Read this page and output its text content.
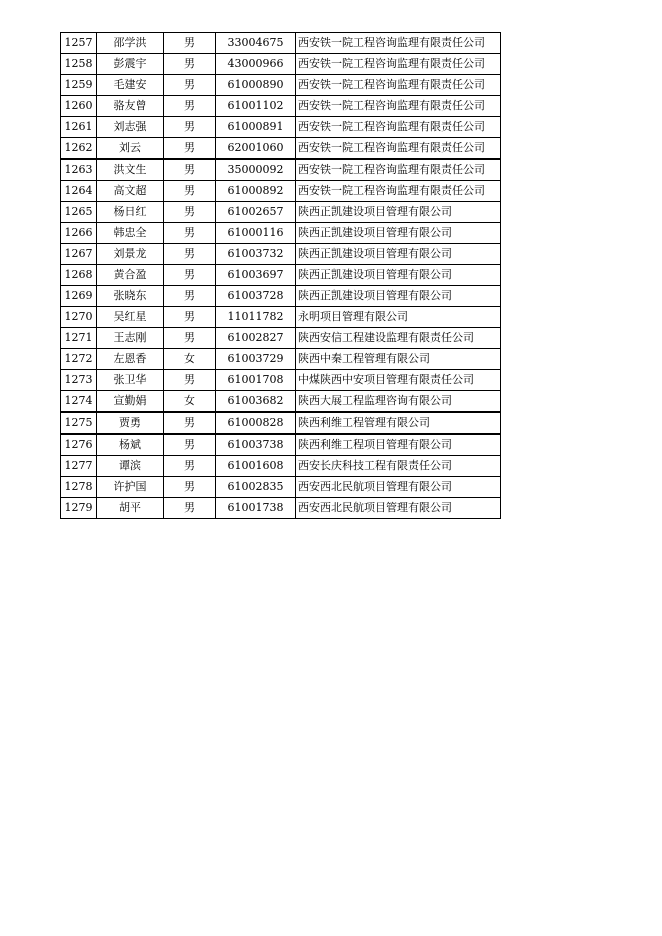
1257	邵学洪	男	33004675	西安铁一院工程咨询监理有限责任公司
1258	彭震宇	男	43000966	西安铁一院工程咨询监理有限责任公司
1259	毛建安	男	61000890	西安铁一院工程咨询监理有限责任公司
1260	骆友曾	男	61001102	西安铁一院工程咨询监理有限责任公司
1261	刘志强	男	61000891	西安铁一院工程咨询监理有限责任公司
1262	刘云	男	62001060	西安铁一院工程咨询监理有限责任公司
1263	洪文生	男	35000092	西安铁一院工程咨询监理有限责任公司
1264	高文超	男	61000892	西安铁一院工程咨询监理有限责任公司
1265	杨日红	男	61002657	陕西正凯建设项目管理有限公司
1266	韩忠全	男	61000116	陕西正凯建设项目管理有限公司
1267	刘景龙	男	61003732	陕西正凯建设项目管理有限公司
1268	黄合盈	男	61003697	陕西正凯建设项目管理有限公司
1269	张晓东	男	61003728	陕西正凯建设项目管理有限公司
1270	吴红星	男	11011782	永明项目管理有限公司
1271	王志刚	男	61002827	陕西安信工程建设监理有限责任公司
1272	左恩香	女	61003729	陕西中秦工程管理有限公司
1273	张卫华	男	61001708	中煤陕西中安项目管理有限责任公司
1274	宣勤娟	女	61003682	陕西大展工程监理咨询有限公司
1275	贾勇	男	61000828	陕西利维工程管理有限公司
1276	杨斌	男	61003738	陕西利维工程项目管理有限公司
1277	谭滨	男	61001608	西安长庆科技工程有限责任公司
1278	许护国	男	61002835	西安西北民航项目管理有限公司
1279	胡平	男	61001738	西安西北民航项目管理有限公司
